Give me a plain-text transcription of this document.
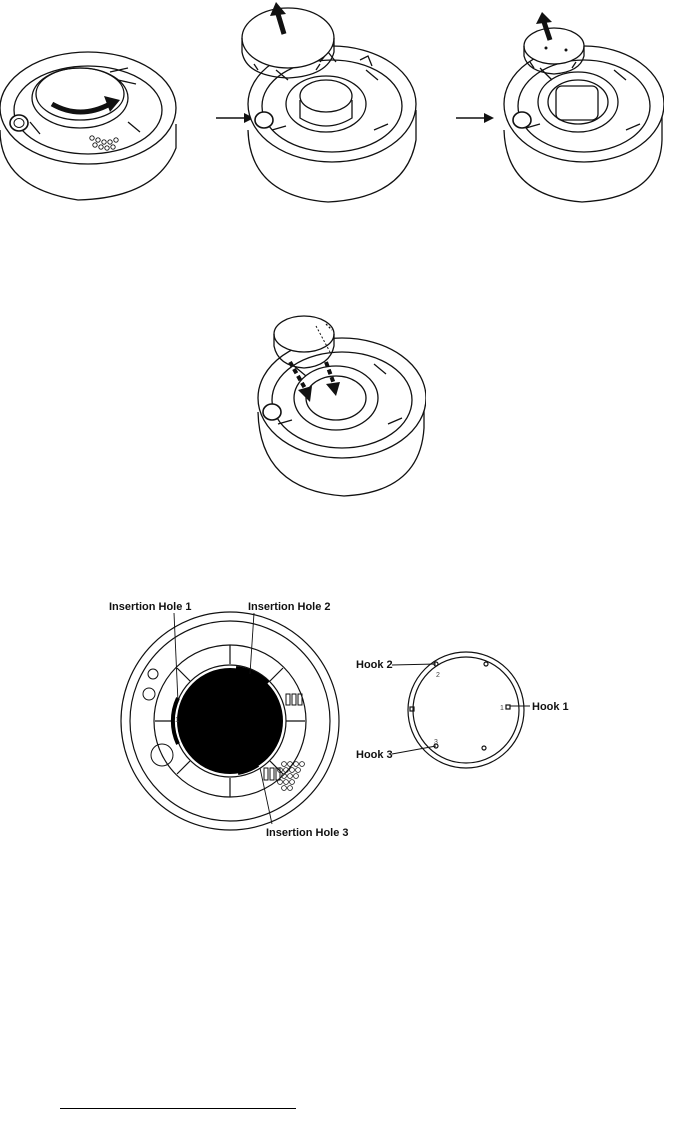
Insertion Hole 1	Insertion Hole 2
Insertion Hole 3
1
2
1
3
Hook 2
Hook 1
Hook 3
